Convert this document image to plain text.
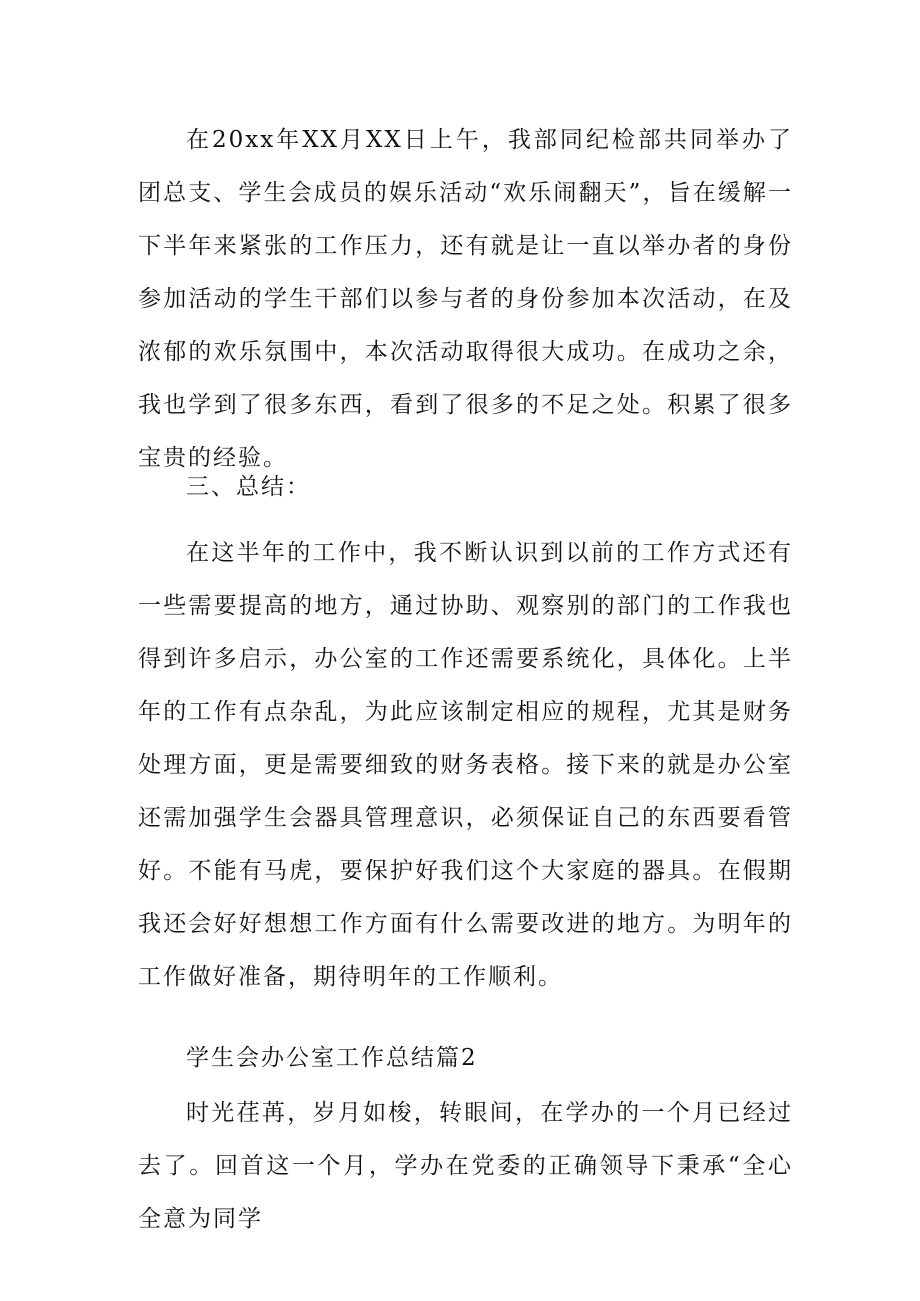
在20xx年XX月XX日上午，我部同纪检部共同举办了团总支、学生会成员的娱乐活动“欢乐闹翻天”，旨在缓解一下半年来紧张的工作压力，还有就是让一直以举办者的身份参加活动的学生干部们以参与者的身份参加本次活动，在及浓郁的欢乐氛围中，本次活动取得很大成功。在成功之余，我也学到了很多东西，看到了很多的不足之处。积累了很多宝贵的经验。

三、总结：

在这半年的工作中，我不断认识到以前的工作方式还有一些需要提高的地方，通过协助、观察别的部门的工作我也得到许多启示，办公室的工作还需要系统化，具体化。上半年的工作有点杂乱，为此应该制定相应的规程，尤其是财务处理方面，更是需要细致的财务表格。接下来的就是办公室还需加强学生会器具管理意识，必须保证自己的东西要看管好。不能有马虎，要保护好我们这个大家庭的器具。在假期我还会好好想想工作方面有什么需要改进的地方。为明年的工作做好准备，期待明年的工作顺利。

学生会办公室工作总结篇2

时光荏苒，岁月如梭，转眼间，在学办的一个月已经过去了。回首这一个月，学办在党委的正确领导下秉承“全心全意为同学
